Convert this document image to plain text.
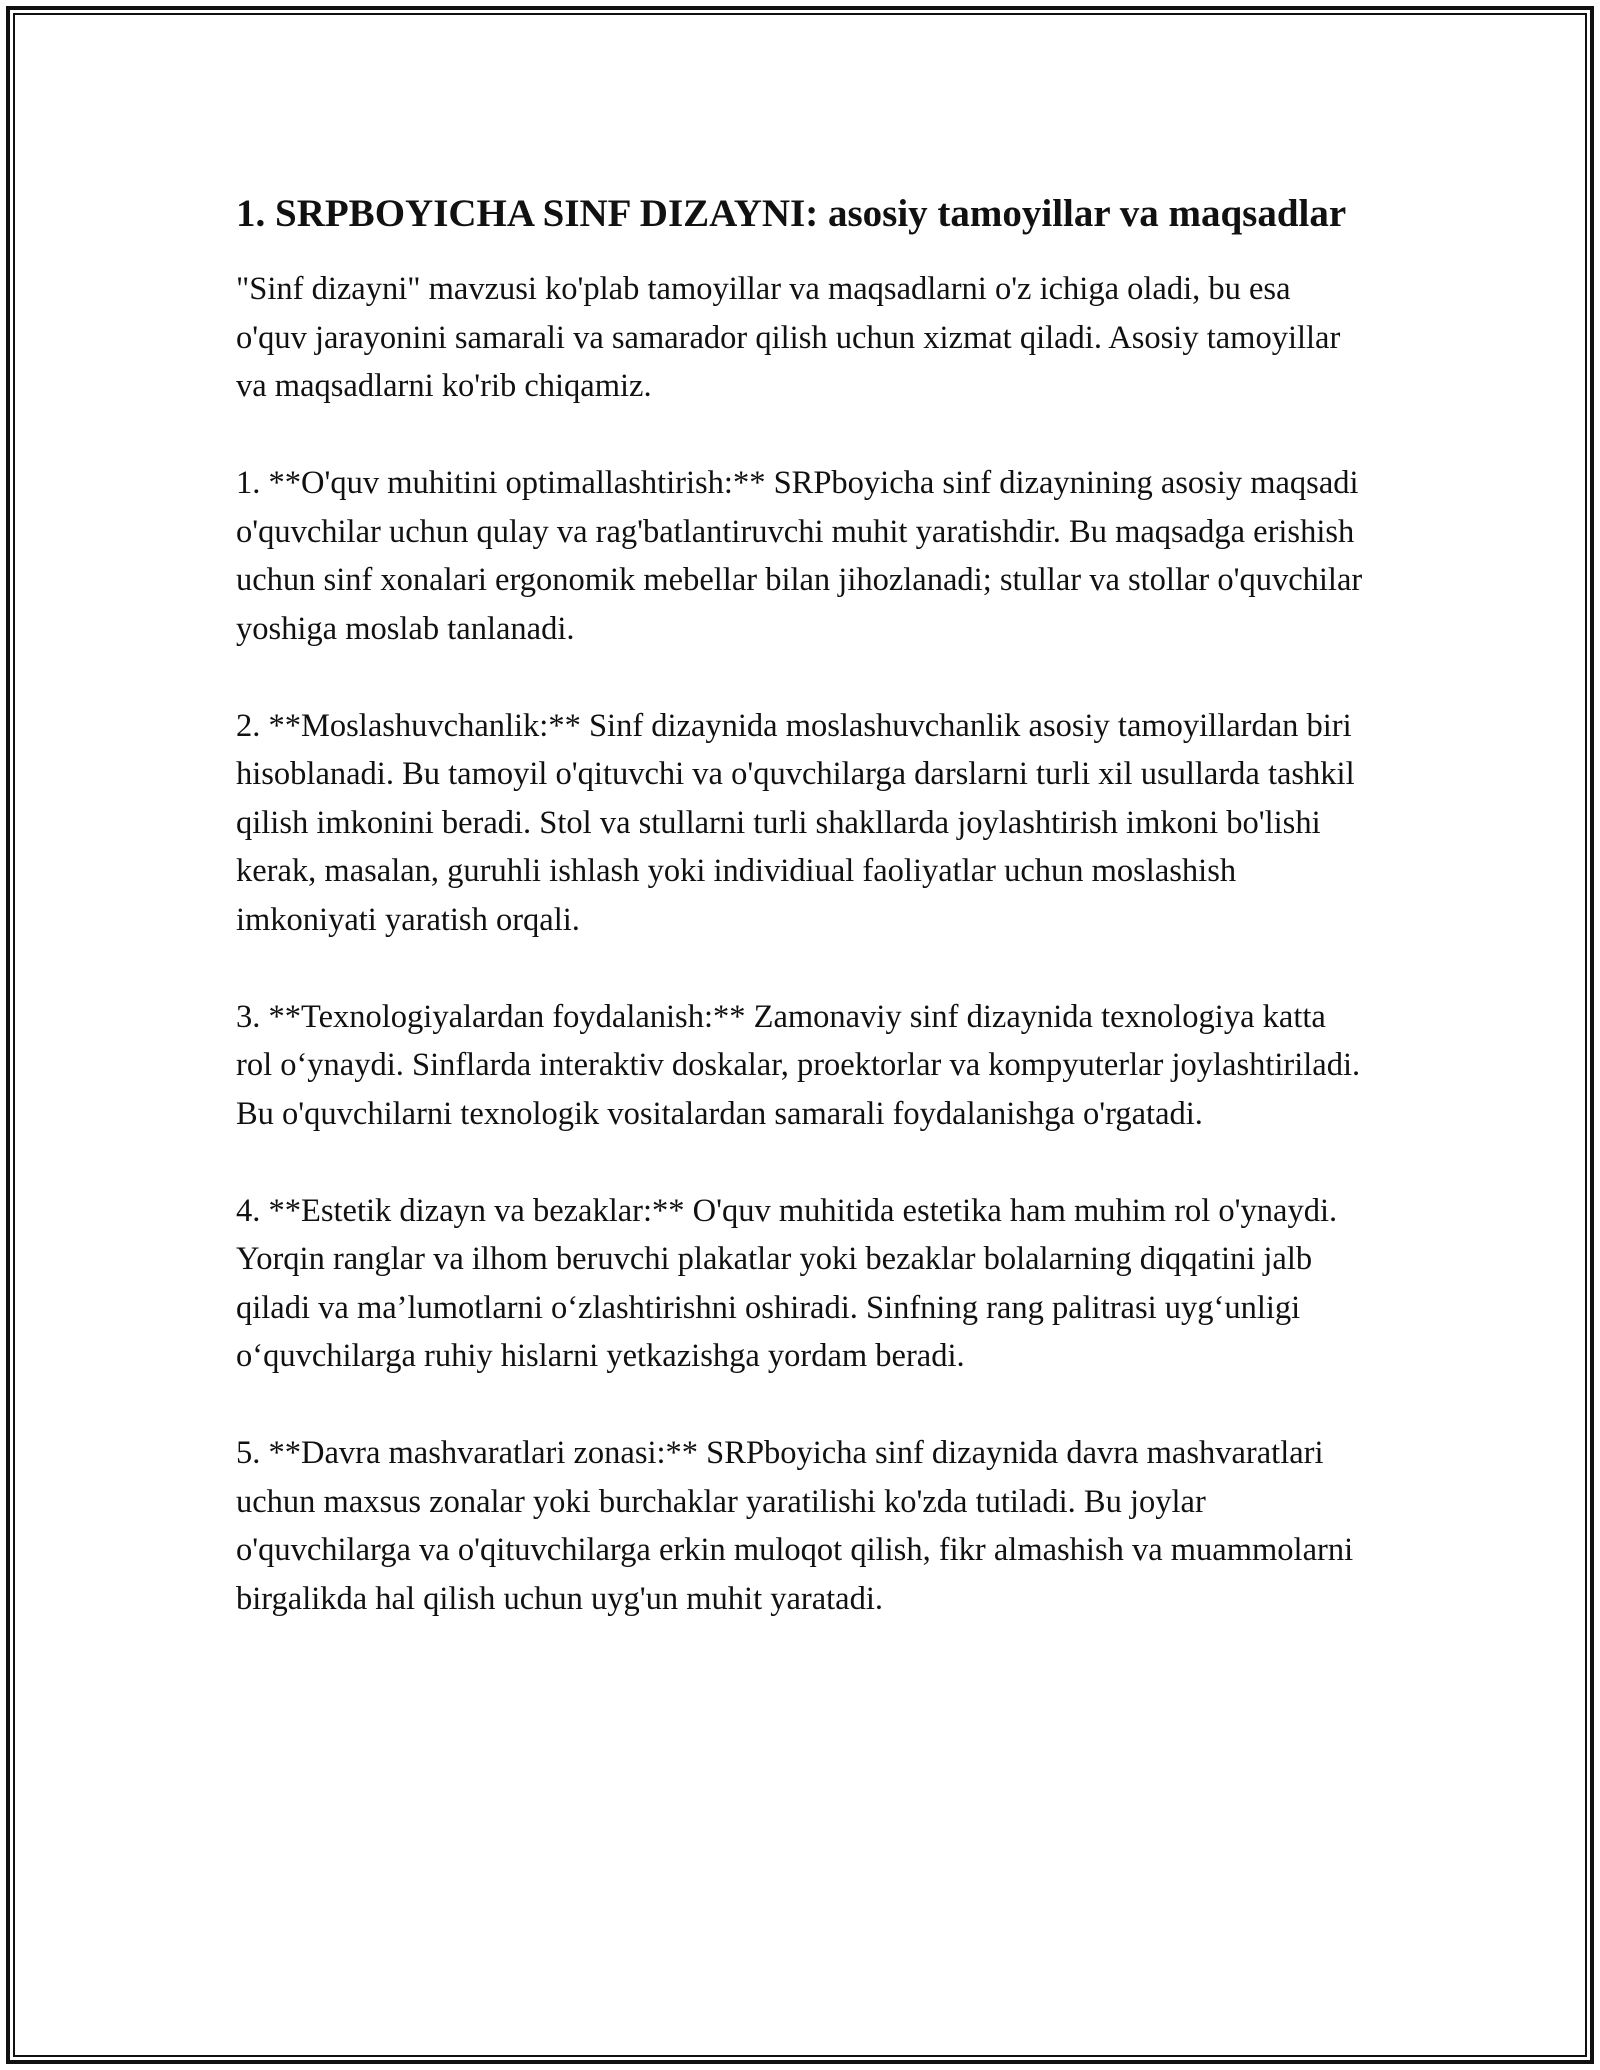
1. SRPBOYICHA SINF DIZAYNI: asosiy tamoyillar va maqsadlar

"Sinf dizayni" mavzusi ko'plab tamoyillar va maqsadlarni o'z ichiga oladi, bu esa o'quv jarayonini samarali va samarador qilish uchun xizmat qiladi. Asosiy tamoyillar va maqsadlarni ko'rib chiqamiz.

1. **O'quv muhitini optimallashtirish:** SRPboyicha sinf dizaynining asosiy maqsadi o'quvchilar uchun qulay va rag'batlantiruvchi muhit yaratishdir. Bu maqsadga erishish uchun sinf xonalari ergonomik mebellar bilan jihozlanadi; stullar va stollar o'quvchilar yoshiga moslab tanlanadi.

2. **Moslashuvchanlik:** Sinf dizaynida moslashuvchanlik asosiy tamoyillardan biri hisoblanadi. Bu tamoyil o'qituvchi va o'quvchilarga darslarni turli xil usullarda tashkil qilish imkonini beradi. Stol va stullarni turli shakllarda joylashtirish imkoni bo'lishi kerak, masalan, guruhli ishlash yoki individiual faoliyatlar uchun moslashish imkoniyati yaratish orqali.

3. **Texnologiyalardan foydalanish:** Zamonaviy sinf dizaynida texnologiya katta rol o‘ynaydi. Sinflarda interaktiv doskalar, proektorlar va kompyuterlar joylashtiriladi. Bu o'quvchilarni texnologik vositalardan samarali foydalanishga o'rgatadi.

4. **Estetik dizayn va bezaklar:** O'quv muhitida estetika ham muhim rol o'ynaydi. Yorqin ranglar va ilhom beruvchi plakatlar yoki bezaklar bolalarning diqqatini jalb qiladi va ma’lumotlarni o‘zlashtirishni oshiradi. Sinfning rang palitrasi uyg‘unligi o‘quvchilarga ruhiy hislarni yetkazishga yordam beradi.

5. **Davra mashvaratlari zonasi:** SRPboyicha sinf dizaynida davra mashvaratlari uchun maxsus zonalar yoki burchaklar yaratilishi ko'zda tutiladi. Bu joylar o'quvchilarga va o'qituvchilarga erkin muloqot qilish, fikr almashish va muammolarni birgalikda hal qilish uchun uyg'un muhit yaratadi.
